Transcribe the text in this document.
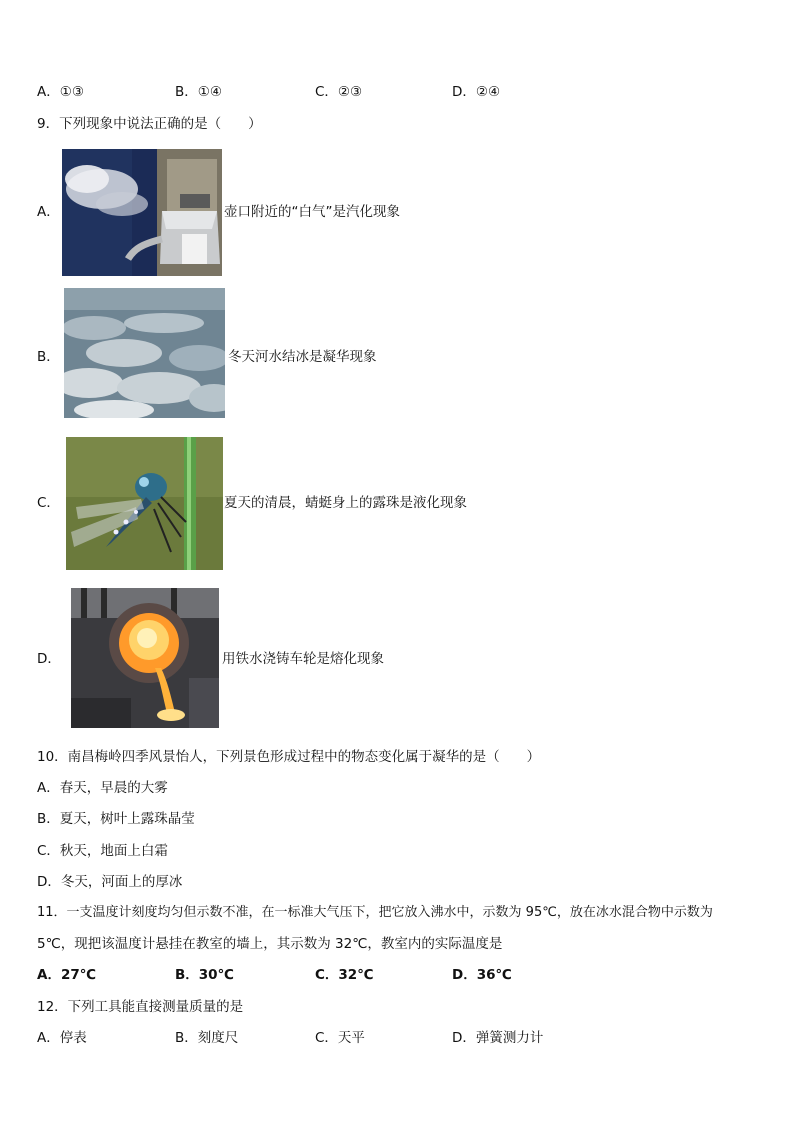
A．①③	B．①④	C．②③	D．②④
9．下列现象中说法正确的是（　　）
A．	壶口附近的“白气”是汽化现象
B．	冬天河水结冰是凝华现象
C．	夏天的清晨，蜻蜓身上的露珠是液化现象
D．	用铁水浇铸车轮是熔化现象
10．南昌梅岭四季风景怡人，下列景色形成过程中的物态变化属于凝华的是（　　）
A．春天，早晨的大雾
B．夏天，树叶上露珠晶莹
C．秋天，地面上白霜
D．冬天，河面上的厚冰
11．一支温度计刻度均匀但示数不准，在一标准大气压下，把它放入沸水中，示数为 95℃，放在冰水混合物中示数为
5℃，现把该温度计悬挂在教室的墙上，其示数为 32℃，教室内的实际温度是
A．27℃	B．30℃	C．32℃	D．36℃
12．下列工具能直接测量质量的是
A．停表	B．刻度尺	C．天平	D．弹簧测力计
